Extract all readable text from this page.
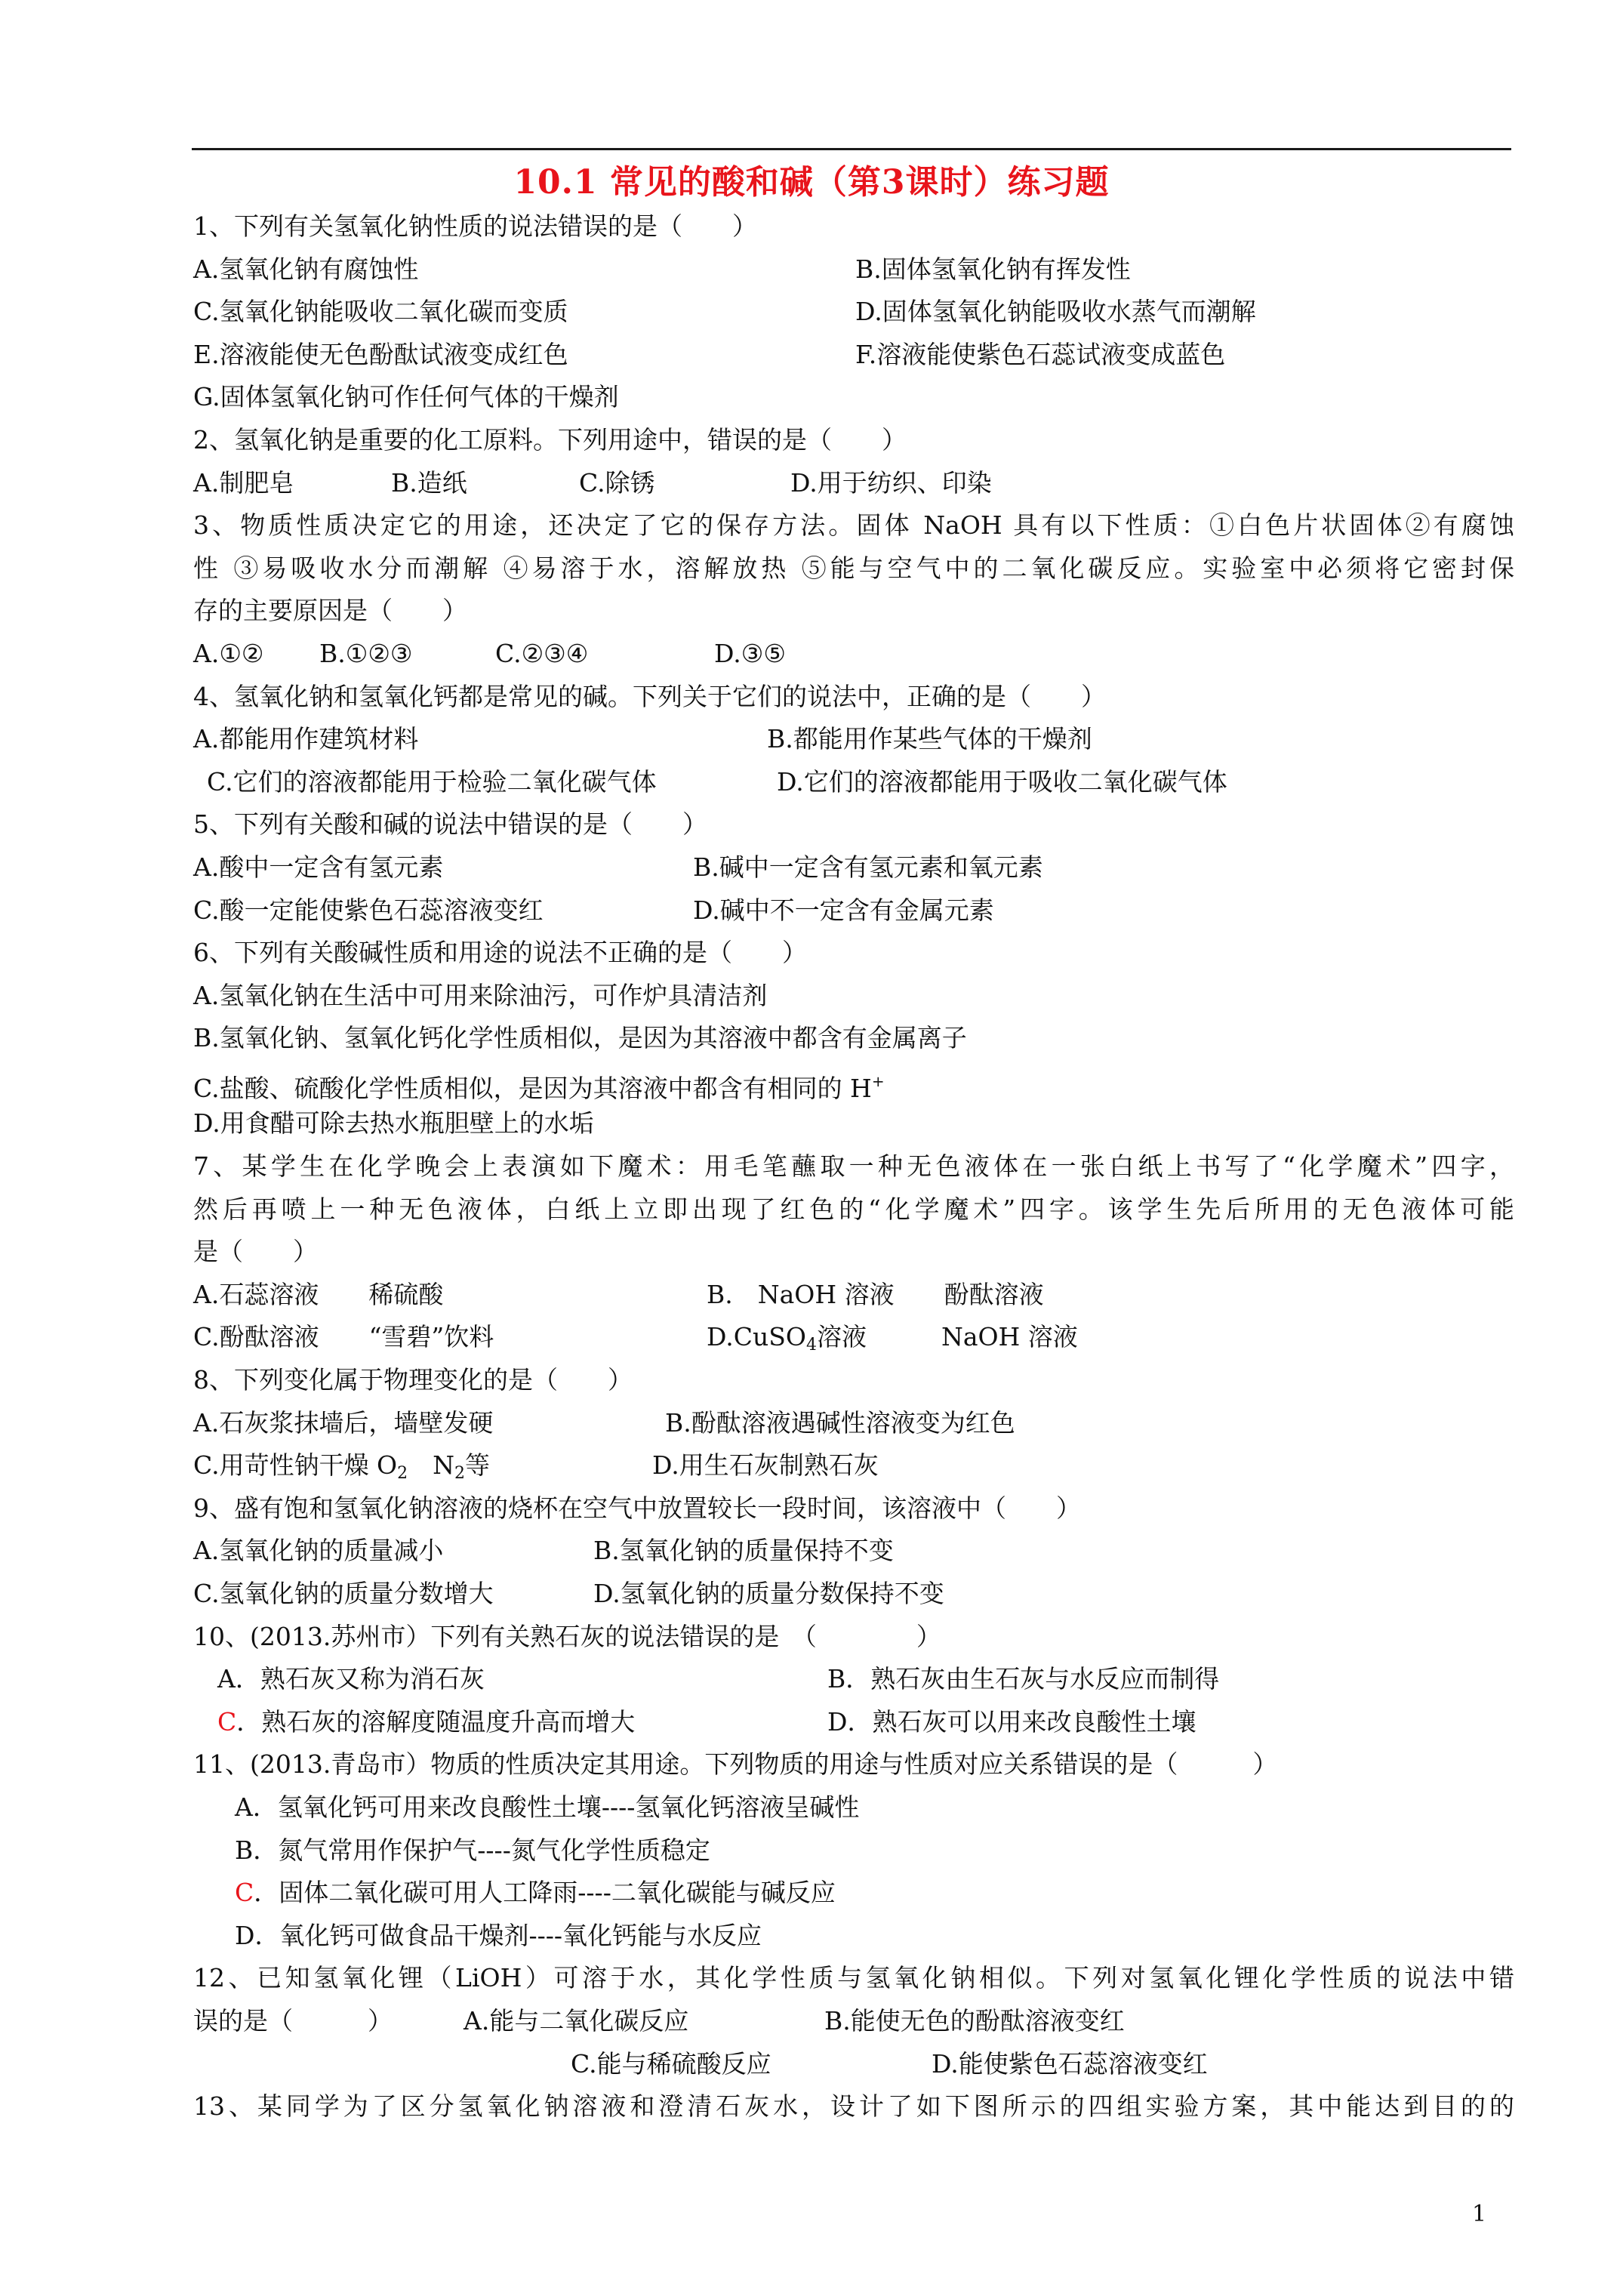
10.1 常见的酸和碱（第3课时）练习题
1、下列有关氢氧化钠性质的说法错误的是（　　）
A.氢氧化钠有腐蚀性	B.固体氢氧化钠有挥发性
C.氢氧化钠能吸收二氧化碳而变质	D.固体氢氧化钠能吸收水蒸气而潮解
E.溶液能使无色酚酞试液变成红色	F.溶液能使紫色石蕊试液变成蓝色
G.固体氢氧化钠可作任何气体的干燥剂
2、氢氧化钠是重要的化工原料。下列用途中，错误的是（　　）
A.制肥皂	B.造纸	C.除锈	D.用于纺织、印染
3、物质性质决定它的用途，还决定了它的保存方法。固体 NaOH 具有以下性质：①白色片状固体②有腐蚀
性 ③易吸收水分而潮解 ④易溶于水，溶解放热 ⑤能与空气中的二氧化碳反应。实验室中必须将它密封保
存的主要原因是（　　）
A.①②	B.①②③	C.②③④	D.③⑤
4、氢氧化钠和氢氧化钙都是常见的碱。下列关于它们的说法中，正确的是（　　）
A.都能用作建筑材料	B.都能用作某些气体的干燥剂
C.它们的溶液都能用于检验二氧化碳气体	D.它们的溶液都能用于吸收二氧化碳气体
5、下列有关酸和碱的说法中错误的是（　　）
A.酸中一定含有氢元素	B.碱中一定含有氢元素和氧元素
C.酸一定能使紫色石蕊溶液变红	D.碱中不一定含有金属元素
6、下列有关酸碱性质和用途的说法不正确的是（　　）
A.氢氧化钠在生活中可用来除油污，可作炉具清洁剂
B.氢氧化钠、氢氧化钙化学性质相似，是因为其溶液中都含有金属离子
C.盐酸、硫酸化学性质相似，是因为其溶液中都含有相同的 H+
D.用食醋可除去热水瓶胆壁上的水垢
7、某学生在化学晚会上表演如下魔术：用毛笔蘸取一种无色液体在一张白纸上书写了“化学魔术”四字，
然后再喷上一种无色液体，白纸上立即出现了红色的“化学魔术”四字。该学生先后所用的无色液体可能
是（　　）
A.石蕊溶液　　稀硫酸	B.　NaOH 溶液　　酚酞溶液
C.酚酞溶液　　“雪碧”饮料	D.CuSO4溶液　　　NaOH 溶液
8、下列变化属于物理变化的是（　　）
A.石灰浆抹墙后，墙壁发硬	B.酚酞溶液遇碱性溶液变为红色
C.用苛性钠干燥 O2　N2等	D.用生石灰制熟石灰
9、盛有饱和氢氧化钠溶液的烧杯在空气中放置较长一段时间，该溶液中（　　）
A.氢氧化钠的质量减小	B.氢氧化钠的质量保持不变
C.氢氧化钠的质量分数增大	D.氢氧化钠的质量分数保持不变
10、(2013.苏州市）下列有关熟石灰的说法错误的是　（　　　　）
A．熟石灰又称为消石灰	B．熟石灰由生石灰与水反应而制得
C．熟石灰的溶解度随温度升高而增大	D．熟石灰可以用来改良酸性土壤
11、(2013.青岛市）物质的性质决定其用途。下列物质的用途与性质对应关系错误的是（　　　）
A．氢氧化钙可用来改良酸性土壤----氢氧化钙溶液呈碱性
B．氮气常用作保护气----氮气化学性质稳定
C．固体二氧化碳可用人工降雨----二氧化碳能与碱反应
D．氧化钙可做食品干燥剂----氧化钙能与水反应
12、已知氢氧化锂（LiOH）可溶于水，其化学性质与氢氧化钠相似。下列对氢氧化锂化学性质的说法中错
误的是（　　　）	A.能与二氧化碳反应	B.能使无色的酚酞溶液变红
C.能与稀硫酸反应	D.能使紫色石蕊溶液变红
13、某同学为了区分氢氧化钠溶液和澄清石灰水，设计了如下图所示的四组实验方案，其中能达到目的的
1
